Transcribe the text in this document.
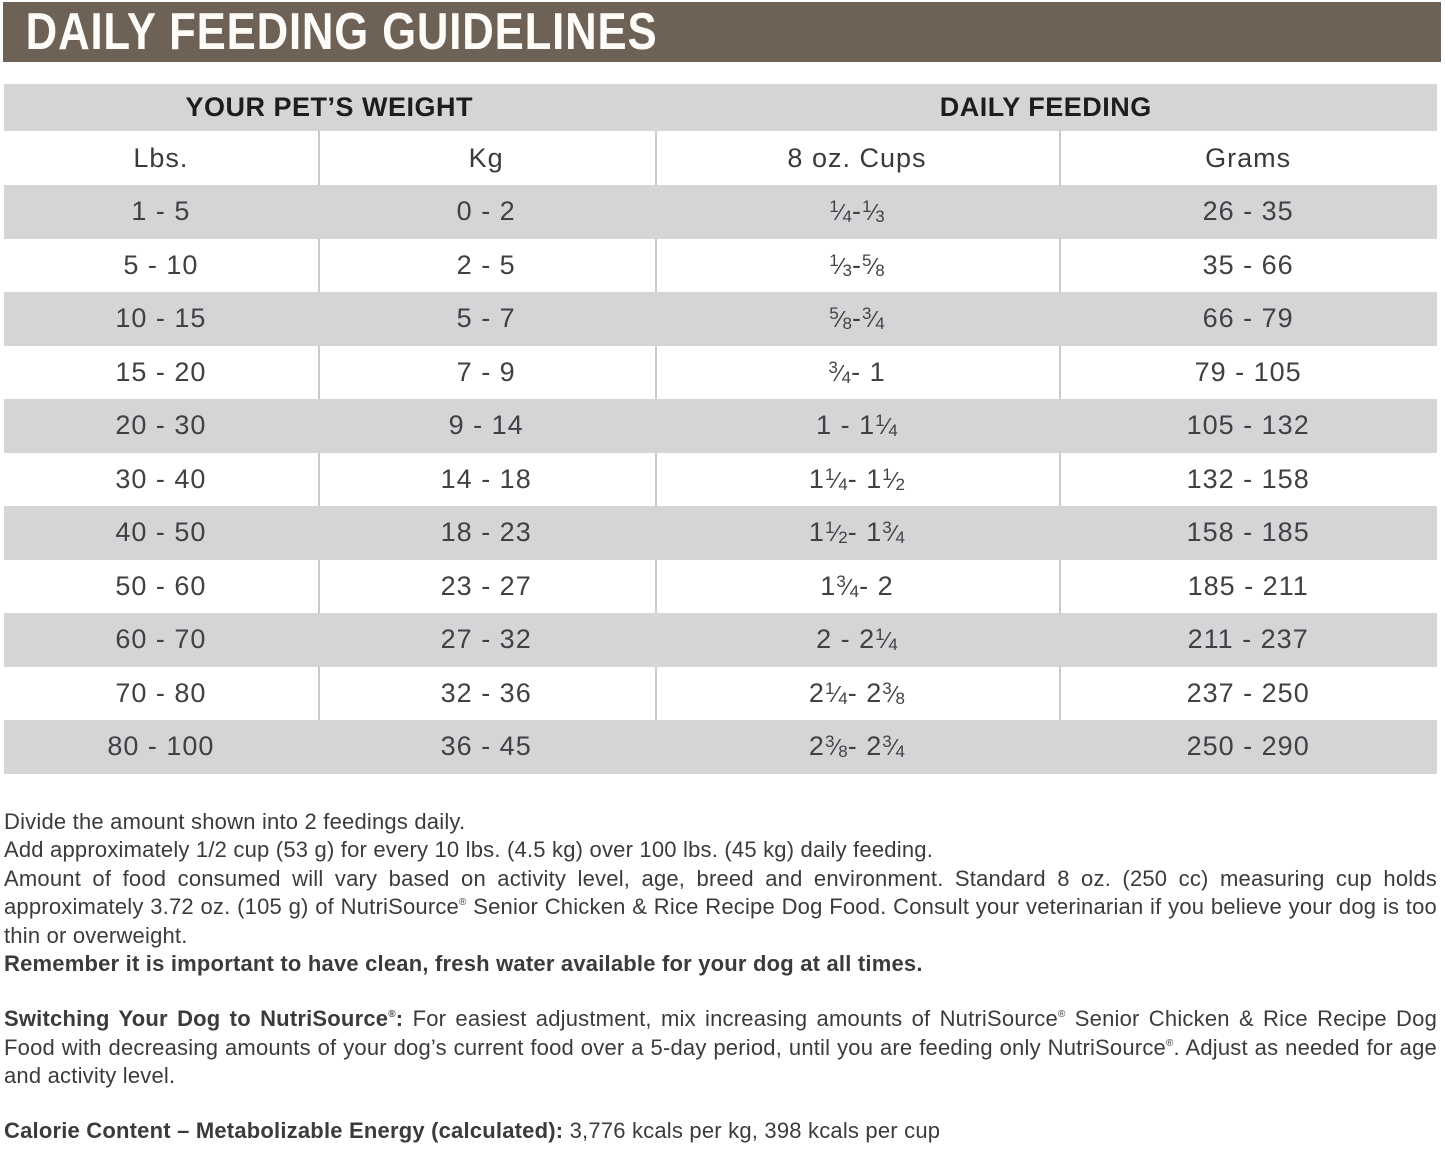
DAILY FEEDING GUIDELINES
YOUR PET’S WEIGHT	DAILY FEEDING
Lbs.	Kg	8 oz. Cups	Grams
1 - 5	0 - 2	$^1⁄_4$ - $^1⁄_3$	26 - 35
5 - 10	2 - 5	$^1⁄_3$ - $^5⁄_8$	35 - 66
10 - 15	5 - 7	$^5⁄_8$ - $^3⁄_4$	66 - 79
15 - 20	7 - 9	$^3⁄_4 - 1$	79 - 105
20 - 30	9 - 14	1 - 1 $^1⁄_4$	105 - 132
30 - 40	14 - 18	1 $^1⁄_4 - 1$ $^1⁄_2$	132 - 158
40 - 50	18 - 23	1 $^1⁄_2 - 1$ $^3⁄_4$	158 - 185
50 - 60	23 - 27	1 $^3⁄_4 - 2$	185 - 211
60 - 70	27 - 32	2 - 2 $^1⁄_4$	211 - 237
70 - 80	32 - 36	2 $^1⁄_4 - 2$ $^3⁄_8$	237 - 250
80 - 100	36 - 45	2 $^3⁄_8 - 2$ $^3⁄_4$	250 - 290
Divide the amount shown into 2 feedings daily.
Add approximately 1/2 cup (53 g) for every 10 lbs. (4.5 kg) over 100 lbs. (45 kg) daily feeding.
Amount of food consumed will vary based on activity level, age, breed and environment. Standard 8 oz. (250 cc) measuring cup holds approximately 3.72 oz. (105 g) of NutriSource® Senior Chicken & Rice Recipe Dog Food. Consult your veterinarian if you believe your dog is too thin or overweight.
Remember it is important to have clean, fresh water available for your dog at all times.
Switching Your Dog to NutriSource®: For easiest adjustment, mix increasing amounts of NutriSource® Senior Chicken & Rice Recipe Dog Food with decreasing amounts of your dog’s current food over a 5-day period, until you are feeding only NutriSource®. Adjust as needed for age and activity level.
Calorie Content – Metabolizable Energy (calculated): 3,776 kcals per kg, 398 kcals per cup
